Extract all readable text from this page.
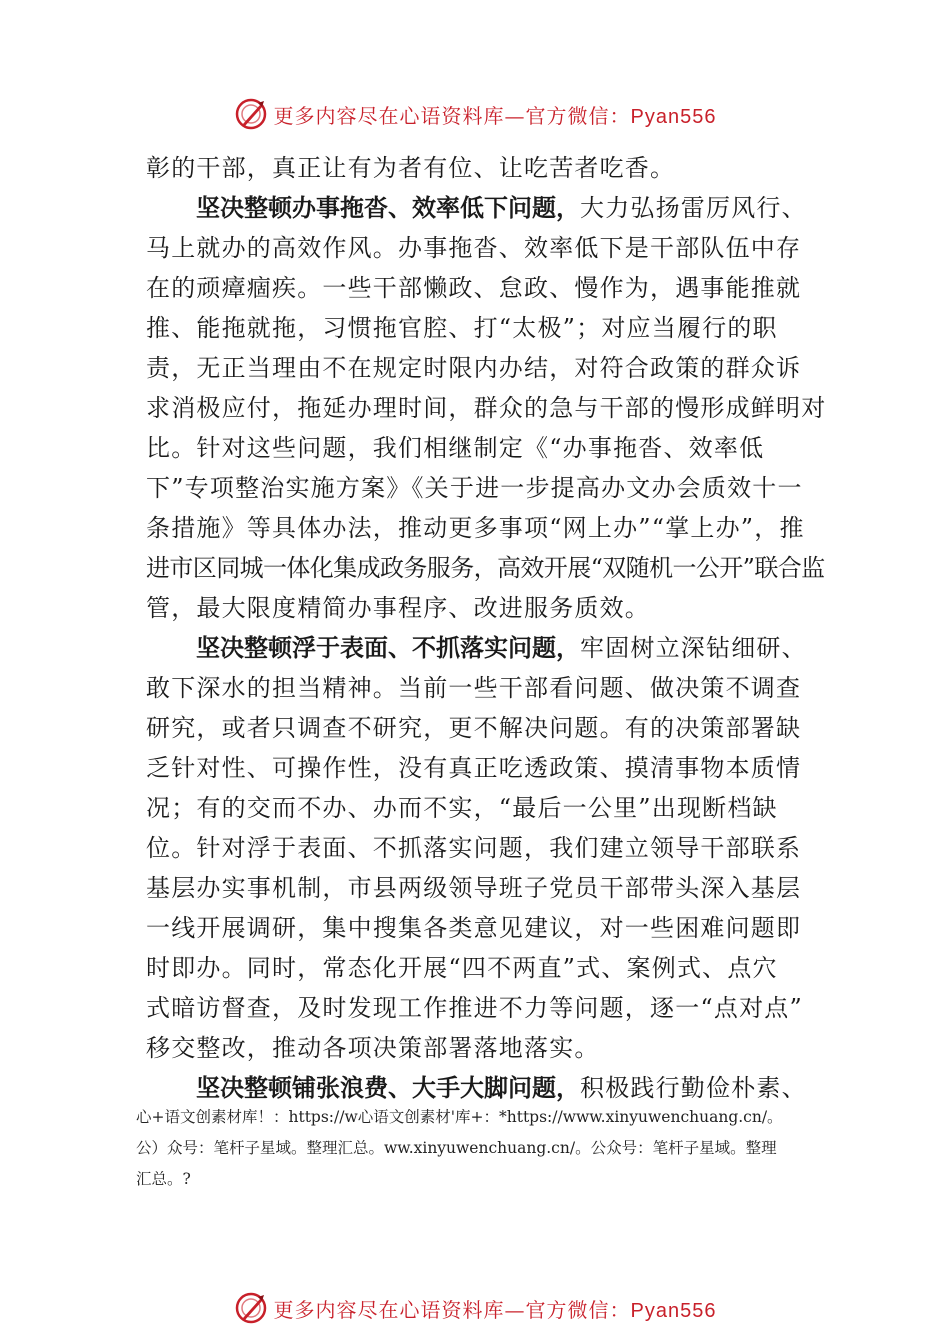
更多内容尽在心语资料库—官方微信：Pyan556
彰的干部，真正让有为者有位、让吃苦者吃香。
坚决整顿办事拖沓、效率低下问题，大力弘扬雷厉风行、
马上就办的高效作风。办事拖沓、效率低下是干部队伍中存
在的顽瘴痼疾。一些干部懒政、怠政、慢作为，遇事能推就
推、能拖就拖，习惯拖官腔、打“太极”；对应当履行的职
责，无正当理由不在规定时限内办结，对符合政策的群众诉
求消极应付，拖延办理时间，群众的急与干部的慢形成鲜明对
比。针对这些问题，我们相继制定《“办事拖沓、效率低
下”专项整治实施方案》《关于进一步提高办文办会质效十一
条措施》等具体办法，推动更多事项“网上办”“掌上办”，推
进市区同城一体化集成政务服务，高效开展“双随机一公开”联合监
管，最大限度精简办事程序、改进服务质效。
坚决整顿浮于表面、不抓落实问题，牢固树立深钻细研、
敢下深水的担当精神。当前一些干部看问题、做决策不调查
研究，或者只调查不研究，更不解决问题。有的决策部署缺
乏针对性、可操作性，没有真正吃透政策、摸清事物本质情
况；有的交而不办、办而不实，“最后一公里”出现断档缺
位。针对浮于表面、不抓落实问题，我们建立领导干部联系
基层办实事机制，市县两级领导班子党员干部带头深入基层
一线开展调研，集中搜集各类意见建议，对一些困难问题即
时即办。同时，常态化开展“四不两直”式、案例式、点穴
式暗访督查，及时发现工作推进不力等问题，逐一“点对点”
移交整改，推动各项决策部署落地落实。
坚决整顿铺张浪费、大手大脚问题，积极践行勤俭朴素、
心+语文创素材库！：https://w心语文创素材'库+：*https://www.xinyuwenchuang.cn/。
公）众号：笔杆子星域。整理汇总。ww.xinyuwenchuang.cn/。公众号：笔杆子星域。整理
汇总。?
更多内容尽在心语资料库—官方微信：Pyan556
